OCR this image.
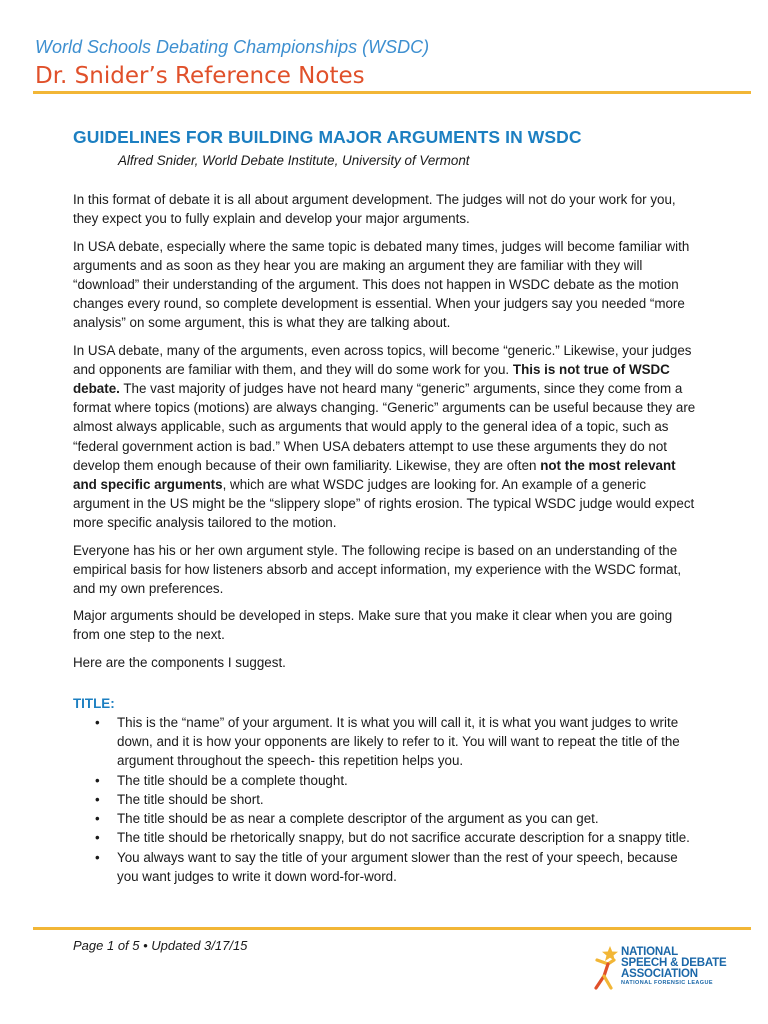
World Schools Debating Championships (WSDC)
Dr. Snider’s Reference Notes
GUIDELINES FOR BUILDING MAJOR ARGUMENTS IN WSDC
Alfred Snider, World Debate Institute, University of Vermont

In this format of debate it is all about argument development. The judges will not do your work for you, they expect you to fully explain and develop your major arguments.

In USA debate, especially where the same topic is debated many times, judges will become familiar with arguments and as soon as they hear you are making an argument they are familiar with they will “download” their understanding of the argument. This does not happen in WSDC debate as the motion changes every round, so complete development is essential. When your judgers say you needed “more analysis” on some argument, this is what they are talking about.

In USA debate, many of the arguments, even across topics, will become “generic.” Likewise, your judges and opponents are familiar with them, and they will do some work for you. This is not true of WSDC debate. The vast majority of judges have not heard many “generic” arguments, since they come from a format where topics (motions) are always changing. “Generic” arguments can be useful because they are almost always applicable, such as arguments that would apply to the general idea of a topic, such as “federal government action is bad.” When USA debaters attempt to use these arguments they do not develop them enough because of their own familiarity. Likewise, they are often not the most relevant and specific arguments, which are what WSDC judges are looking for. An example of a generic argument in the US might be the “slippery slope” of rights erosion. The typical WSDC judge would expect more specific analysis tailored to the motion.

Everyone has his or her own argument style. The following recipe is based on an understanding of the empirical basis for how listeners absorb and accept information, my experience with the WSDC format, and my own preferences.

Major arguments should be developed in steps. Make sure that you make it clear when you are going from one step to the next.

Here are the components I suggest.

TITLE:
• This is the “name” of your argument. It is what you will call it, it is what you want judges to write down, and it is how your opponents are likely to refer to it. You will want to repeat the title of the argument throughout the speech- this repetition helps you.
• The title should be a complete thought.
• The title should be short.
• The title should be as near a complete descriptor of the argument as you can get.
• The title should be rhetorically snappy, but do not sacrifice accurate description for a snappy title.
• You always want to say the title of your argument slower than the rest of your speech, because you want judges to write it down word-for-word.
Page 1 of 5 • Updated 3/17/15	NATIONAL
SPEECH & DEBATE
ASSOCIATION
NATIONAL FORENSIC LEAGUE
